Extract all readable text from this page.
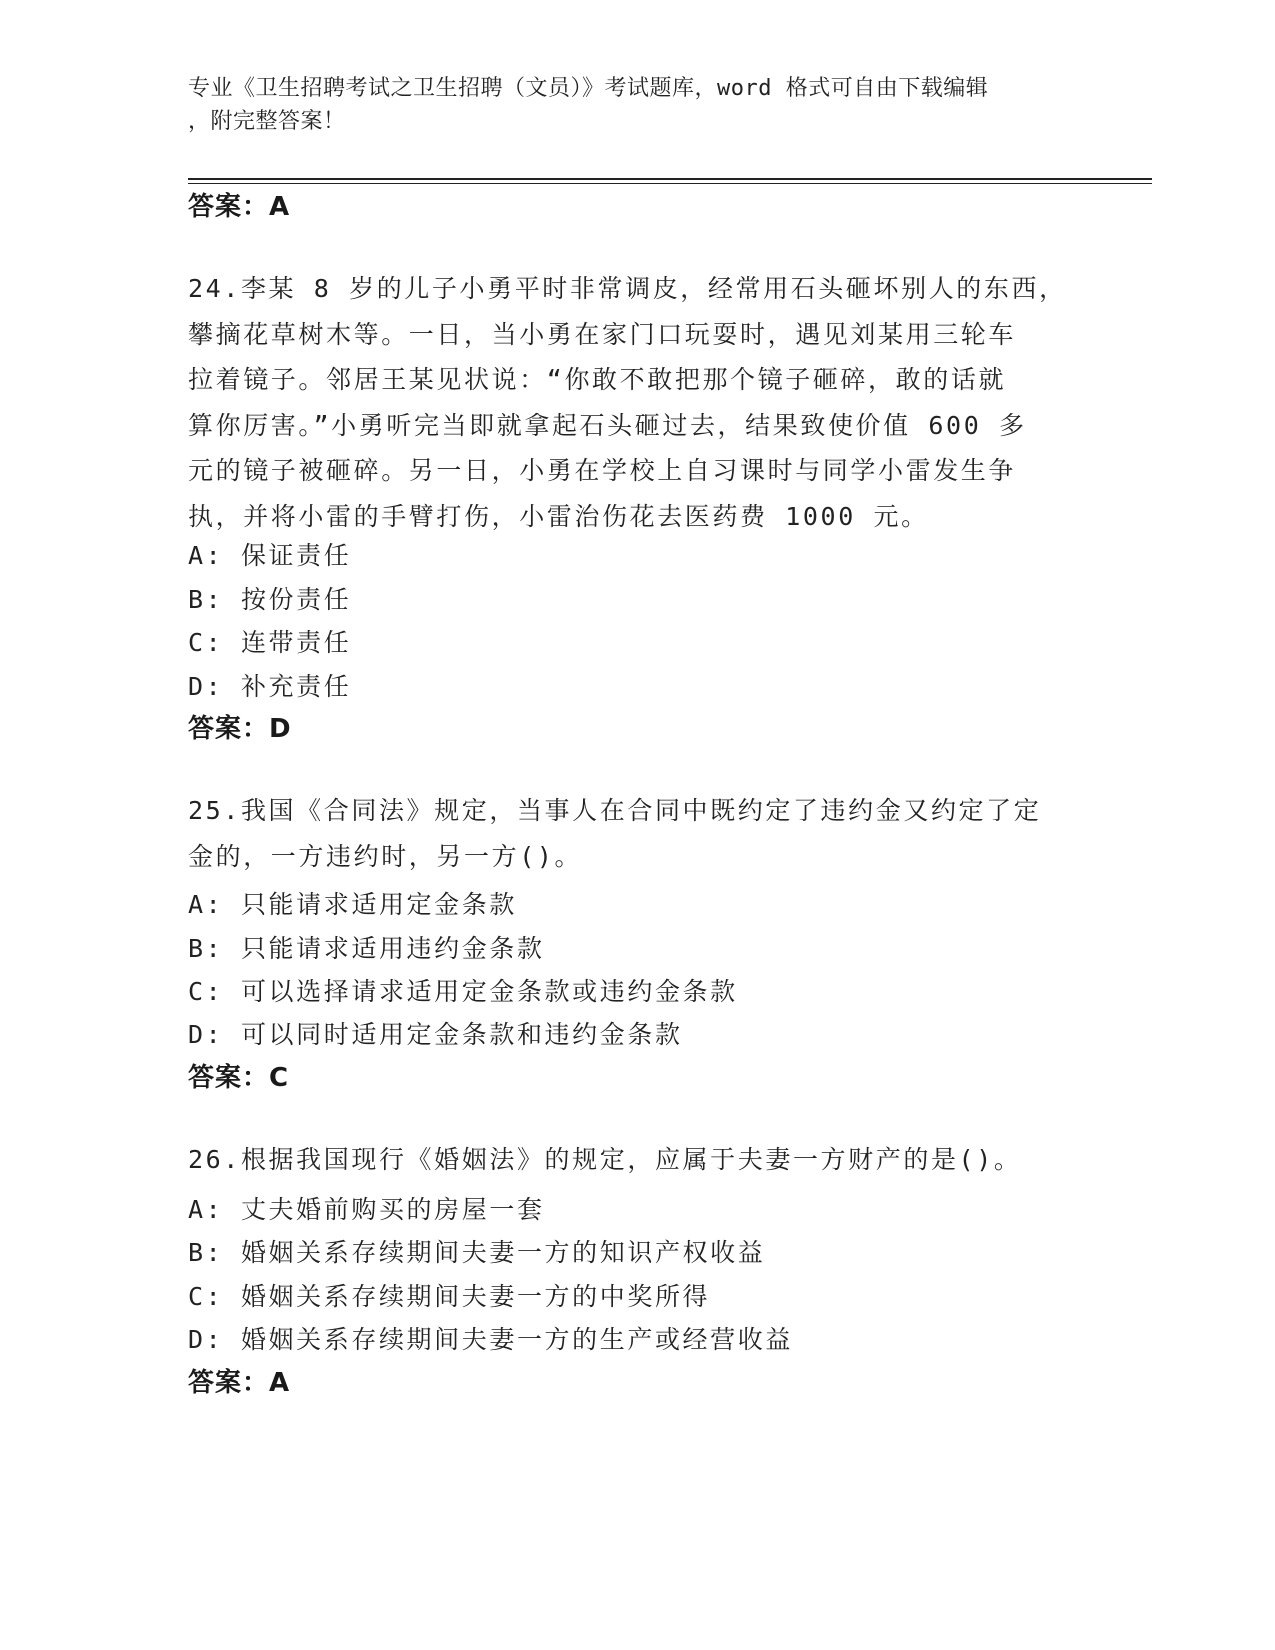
专业《卫生招聘考试之卫生招聘（文员）》考试题库，word 格式可自由下载编辑
，附完整答案！
答案：A
24.李某 8 岁的儿子小勇平时非常调皮，经常用石头砸坏别人的东西，
攀摘花草树木等。一日，当小勇在家门口玩耍时，遇见刘某用三轮车
拉着镜子。邻居王某见状说：“你敢不敢把那个镜子砸碎，敢的话就
算你厉害。”小勇听完当即就拿起石头砸过去，结果致使价值 600 多
元的镜子被砸碎。另一日，小勇在学校上自习课时与同学小雷发生争
执，并将小雷的手臂打伤，小雷治伤花去医药费 1000 元。
A: 保证责任
B: 按份责任
C: 连带责任
D: 补充责任
答案：D
25.我国《合同法》规定，当事人在合同中既约定了违约金又约定了定
金的，一方违约时，另一方()。
A: 只能请求适用定金条款
B: 只能请求适用违约金条款
C: 可以选择请求适用定金条款或违约金条款
D: 可以同时适用定金条款和违约金条款
答案：C
26.根据我国现行《婚姻法》的规定，应属于夫妻一方财产的是()。
A: 丈夫婚前购买的房屋一套
B: 婚姻关系存续期间夫妻一方的知识产权收益
C: 婚姻关系存续期间夫妻一方的中奖所得
D: 婚姻关系存续期间夫妻一方的生产或经营收益
答案：A
